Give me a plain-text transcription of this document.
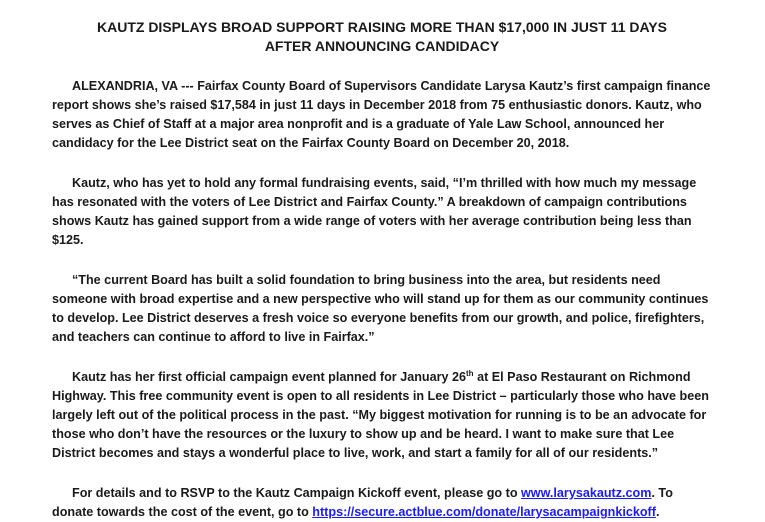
KAUTZ DISPLAYS BROAD SUPPORT RAISING MORE THAN $17,000 IN JUST 11 DAYS
AFTER ANNOUNCING CANDIDACY

ALEXANDRIA, VA --- Fairfax County Board of Supervisors Candidate Larysa Kautz’s first campaign finance report shows she’s raised $17,584 in just 11 days in December 2018 from 75 enthusiastic donors. Kautz, who serves as Chief of Staff at a major area nonprofit and is a graduate of Yale Law School, announced her candidacy for the Lee District seat on the Fairfax County Board on December 20, 2018.

Kautz, who has yet to hold any formal fundraising events, said, “I’m thrilled with how much my message has resonated with the voters of Lee District and Fairfax County.” A breakdown of campaign contributions shows Kautz has gained support from a wide range of voters with her average contribution being less than $125.

“The current Board has built a solid foundation to bring business into the area, but residents need someone with broad expertise and a new perspective who will stand up for them as our community continues to develop. Lee District deserves a fresh voice so everyone benefits from our growth, and police, firefighters, and teachers can continue to afford to live in Fairfax.”

Kautz has her first official campaign event planned for January 26th at El Paso Restaurant on Richmond Highway. This free community event is open to all residents in Lee District – particularly those who have been largely left out of the political process in the past. “My biggest motivation for running is to be an advocate for those who don’t have the resources or the luxury to show up and be heard. I want to make sure that Lee District becomes and stays a wonderful place to live, work, and start a family for all of our residents.”

For details and to RSVP to the Kautz Campaign Kickoff event, please go to www.larysakautz.com. To donate towards the cost of the event, go to https://secure.actblue.com/donate/larysacampaignkickoff.
